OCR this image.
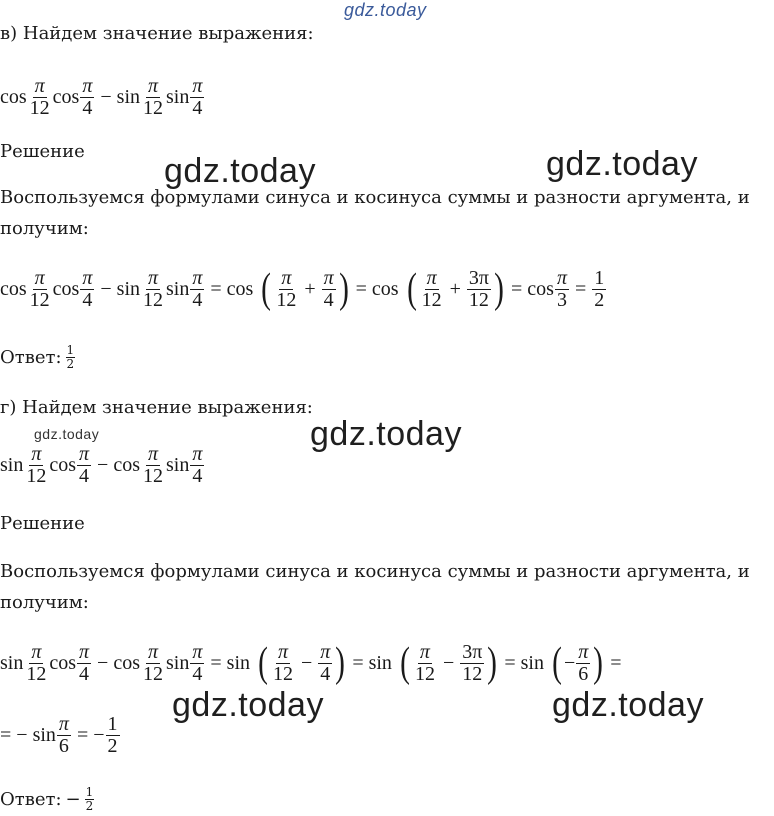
gdz.today
gdz.today	gdz.today
gdz.today
gdz.today
gdz.today	gdz.today
в) Найдем значение выражения:
$\cos \frac{\pi}{12}$ $\cos \frac{\pi}{4} - \sin \frac{\pi}{12}$ $\sin \frac{\pi}{4}$
Решение
Воспользуемся формулами синуса и косинуса суммы и разности аргумента, и
получим:
$\cos \frac{\pi}{12}$ $\cos \frac{\pi}{4} - \sin \frac{\pi}{12}$ $\sin \frac{\pi}{4} = \cos$ ( $\frac{\pi}{12} + \frac{\pi}{4}$ ) = cos ( $\frac{\pi}{12} + \frac{3\pi}{12}$ ) = $\cos \frac{\pi}{3} = \frac{1}{2}$
Ответ: $\frac{1}{2}$
г) Найдем значение выражения:
$\sin \frac{\pi}{12}$ $\cos \frac{\pi}{4} - \cos \frac{\pi}{12}$ $\sin \frac{\pi}{4}$
Решение
Воспользуемся формулами синуса и косинуса суммы и разности аргумента, и
получим:
$\sin \frac{\pi}{12}$ $\cos \frac{\pi}{4} - \cos \frac{\pi}{12}$ $\sin \frac{\pi}{4} = \sin$ ( $\frac{\pi}{12} - \frac{\pi}{4}$ ) = sin ( $\frac{\pi}{12} - \frac{3\pi}{12}$ ) = sin ( − $\frac{\pi}{6}$ ) =
= − $\sin \frac{\pi}{6}$ = − $\frac{1}{2}$
Ответ: − $\frac{1}{2}$
